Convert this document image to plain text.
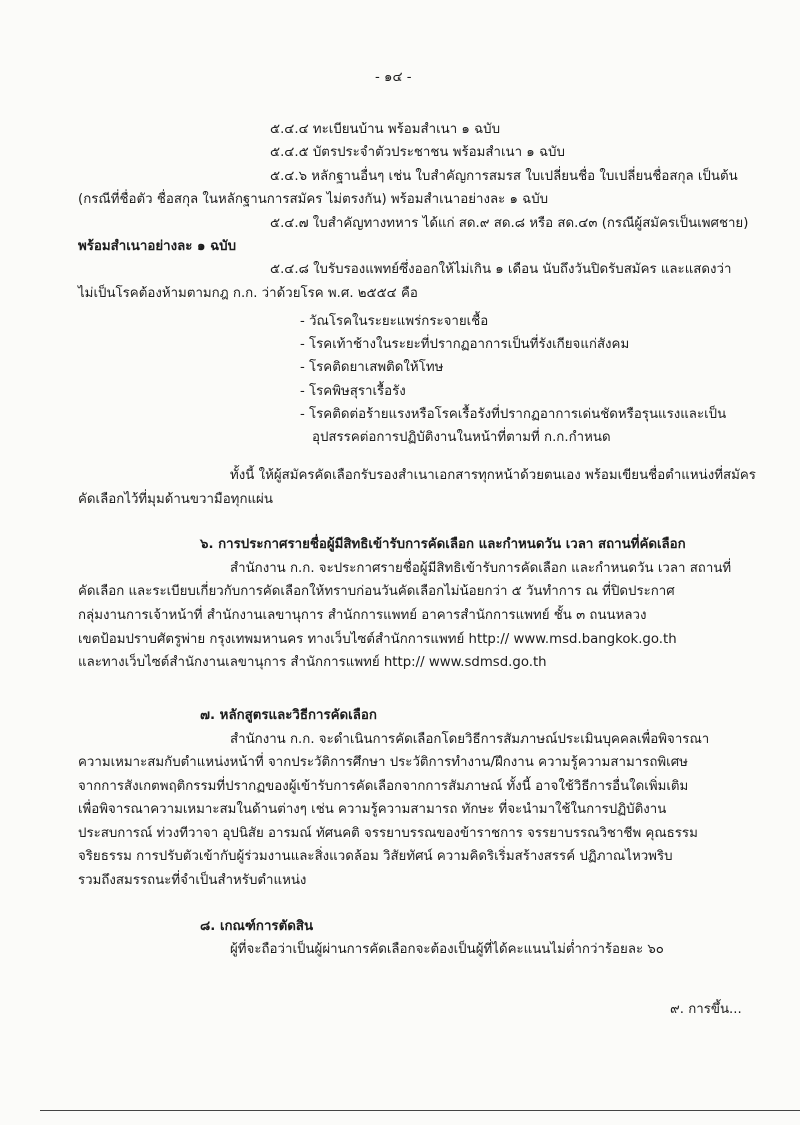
- ๑๔ -
๕.๔.๔ ทะเบียนบ้าน พร้อมสำเนา ๑ ฉบับ
๕.๔.๕ บัตรประจำตัวประชาชน พร้อมสำเนา ๑ ฉบับ
๕.๔.๖ หลักฐานอื่นๆ เช่น ใบสำคัญการสมรส ใบเปลี่ยนชื่อ ใบเปลี่ยนชื่อสกุล เป็นต้น
(กรณีที่ชื่อตัว ชื่อสกุล ในหลักฐานการสมัคร ไม่ตรงกัน) พร้อมสำเนาอย่างละ ๑ ฉบับ
๕.๔.๗ ใบสำคัญทางทหาร ได้แก่ สด.๙ สด.๘ หรือ สด.๔๓ (กรณีผู้สมัครเป็นเพศชาย)
พร้อมสำเนาอย่างละ ๑ ฉบับ
๕.๔.๘ ใบรับรองแพทย์ซึ่งออกให้ไม่เกิน ๑ เดือน นับถึงวันปิดรับสมัคร และแสดงว่า
ไม่เป็นโรคต้องห้ามตามกฎ ก.ก. ว่าด้วยโรค พ.ศ. ๒๕๕๔ คือ
- วัณโรคในระยะแพร่กระจายเชื้อ
- โรคเท้าช้างในระยะที่ปรากฏอาการเป็นที่รังเกียจแก่สังคม
- โรคติดยาเสพติดให้โทษ
- โรคพิษสุราเรื้อรัง
- โรคติดต่อร้ายแรงหรือโรคเรื้อรังที่ปรากฏอาการเด่นชัดหรือรุนแรงและเป็น
อุปสรรคต่อการปฏิบัติงานในหน้าที่ตามที่ ก.ก.กำหนด
ทั้งนี้ ให้ผู้สมัครคัดเลือกรับรองสำเนาเอกสารทุกหน้าด้วยตนเอง พร้อมเขียนชื่อตำแหน่งที่สมัคร
คัดเลือกไว้ที่มุมด้านขวามือทุกแผ่น
๖. การประกาศรายชื่อผู้มีสิทธิเข้ารับการคัดเลือก และกำหนดวัน เวลา สถานที่คัดเลือก
สำนักงาน ก.ก. จะประกาศรายชื่อผู้มีสิทธิเข้ารับการคัดเลือก และกำหนดวัน เวลา สถานที่
คัดเลือก และระเบียบเกี่ยวกับการคัดเลือกให้ทราบก่อนวันคัดเลือกไม่น้อยกว่า ๕ วันทำการ ณ ที่ปิดประกาศ
กลุ่มงานการเจ้าหน้าที่ สำนักงานเลขานุการ สำนักการแพทย์ อาคารสำนักการแพทย์ ชั้น ๓ ถนนหลวง
เขตป้อมปราบศัตรูพ่าย กรุงเทพมหานคร ทางเว็บไซต์สำนักการแพทย์ http:// www.msd.bangkok.go.th
และทางเว็บไซต์สำนักงานเลขานุการ สำนักการแพทย์ http:// www.sdmsd.go.th
๗. หลักสูตรและวิธีการคัดเลือก
สำนักงาน ก.ก. จะดำเนินการคัดเลือกโดยวิธีการสัมภาษณ์ประเมินบุคคลเพื่อพิจารณา
ความเหมาะสมกับตำแหน่งหน้าที่ จากประวัติการศึกษา ประวัติการทำงาน/ฝึกงาน ความรู้ความสามารถพิเศษ
จากการสังเกตพฤติกรรมที่ปรากฏของผู้เข้ารับการคัดเลือกจากการสัมภาษณ์ ทั้งนี้ อาจใช้วิธีการอื่นใดเพิ่มเติม
เพื่อพิจารณาความเหมาะสมในด้านต่างๆ เช่น ความรู้ความสามารถ ทักษะ ที่จะนำมาใช้ในการปฏิบัติงาน
ประสบการณ์ ท่วงทีวาจา อุปนิสัย อารมณ์ ทัศนคติ จรรยาบรรณของข้าราชการ จรรยาบรรณวิชาชีพ คุณธรรม
จริยธรรม การปรับตัวเข้ากับผู้ร่วมงานและสิ่งแวดล้อม วิสัยทัศน์ ความคิดริเริ่มสร้างสรรค์ ปฏิภาณไหวพริบ
รวมถึงสมรรถนะที่จำเป็นสำหรับตำแหน่ง
๘. เกณฑ์การตัดสิน
ผู้ที่จะถือว่าเป็นผู้ผ่านการคัดเลือกจะต้องเป็นผู้ที่ได้คะแนนไม่ต่ำกว่าร้อยละ ๖๐
๙. การขึ้น...
